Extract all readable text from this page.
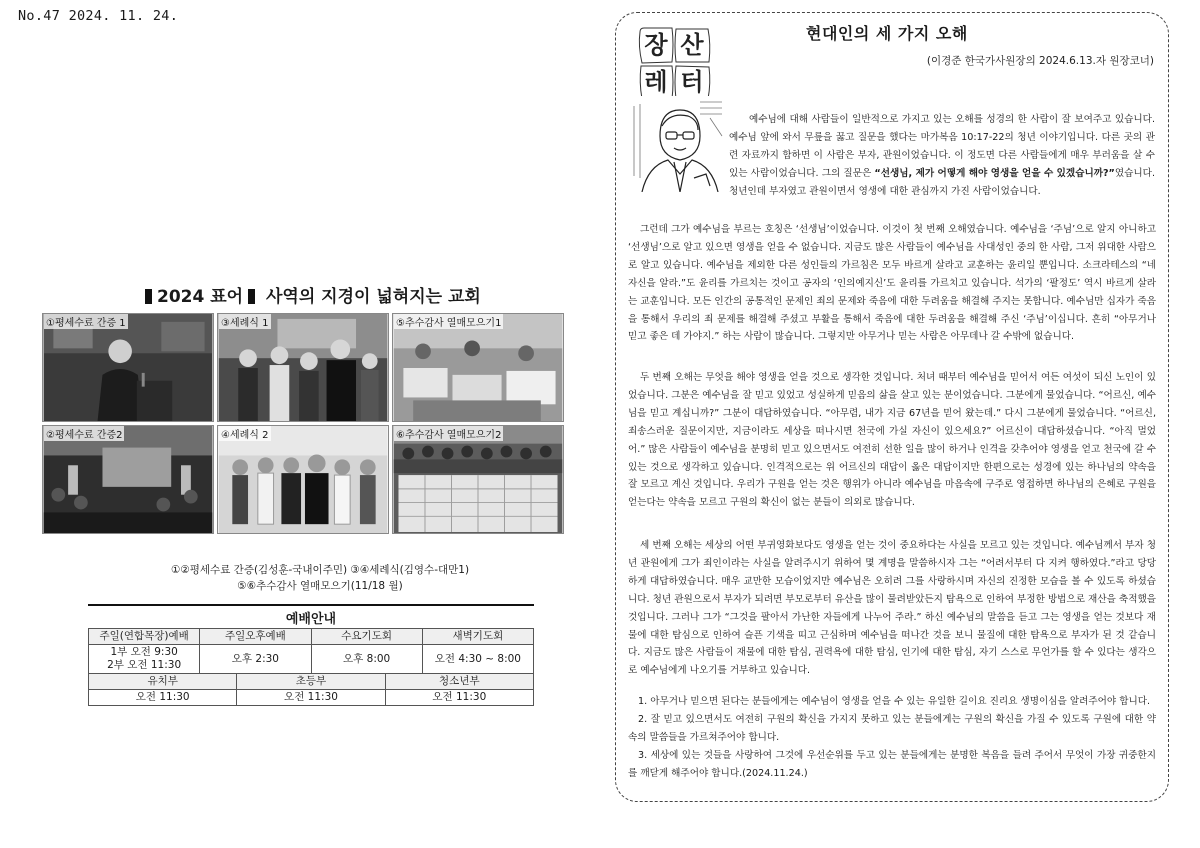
No.47 2024. 11. 24.
2024 표어 사역의 지경이 넓혀지는 교회
①평세수료 간증 1	③세례식 1	⑤추수감사 열매모으기1
②평세수료 간증2	④세례식 2	⑥추수감사 열매모으기2
①②평세수료 간증(김성훈-국내이주민) ③④세례식(김영수-대만1)
⑤⑥추수감사 열매모으기(11/18 월)
예배안내
주일(연합목장)예배	주일오후예배	수요기도회	새벽기도회

1부 오전 9:30
2부 오전 11:30	오후 2:30	오후 8:00	오전 4:30 ~ 8:00
유치부	초등부	청소년부
오전 11:30	오전 11:30	오전 11:30
장 산
레 터
현대인의 세 가지 오해
(이경준 한국가사원장의 2024.6.13.자 원장코너)

예수님에 대해 사람들이 일반적으로 가지고 있는 오해를 성경의 한 사람이 잘 보여주고 있습니다. 예수님 앞에 와서 무릎을 꿇고 질문을 했다는 마가복음 10:17-22의 청년 이야기입니다. 다른 곳의 관련 자료까지 합하면 이 사람은 부자, 관원이었습니다. 이 정도면 다른 사람들에게 매우 부러움을 살 수 있는 사람이었습니다. 그의 질문은 “선생님, 제가 어떻게 해야 영생을 얻을 수 있겠습니까?”였습니다. 청년인데 부자였고 관원이면서 영생에 대한 관심까지 가진 사람이었습니다.

그런데 그가 예수님을 부르는 호칭은 ‘선생님’이었습니다. 이것이 첫 번째 오해였습니다. 예수님을 ‘주님’으로 알지 아니하고 ‘선생님’으로 알고 있으면 영생을 얻을 수 없습니다. 지금도 많은 사람들이 예수님을 사대성인 중의 한 사람, 그저 위대한 사람으로 알고 있습니다. 예수님을 제외한 다른 성인들의 가르침은 모두 바르게 살라고 교훈하는 윤리일 뿐입니다. 소크라테스의 “네 자신을 알라.”도 윤리를 가르치는 것이고 공자의 ‘인의예지신’도 윤리를 가르치고 있습니다. 석가의 ‘팔정도’ 역시 바르게 살라는 교훈입니다. 모든 인간의 공통적인 문제인 죄의 문제와 죽음에 대한 두려움을 해결해 주지는 못합니다. 예수님만 십자가 죽음을 통해서 우리의 죄 문제를 해결해 주셨고 부활을 통해서 죽음에 대한 두려움을 해결해 주신 ‘주님’이십니다. 흔히 “아무거나 믿고 좋은 데 가야지.” 하는 사람이 많습니다. 그렇지만 아무거나 믿는 사람은 아무데나 갈 수밖에 없습니다.

두 번째 오해는 무엇을 해야 영생을 얻을 것으로 생각한 것입니다. 처녀 때부터 예수님을 믿어서 여든 여섯이 되신 노인이 있었습니다. 그분은 예수님을 잘 믿고 있었고 성실하게 믿음의 삶을 살고 있는 분이었습니다. 그분에게 물었습니다. “어르신, 예수님을 믿고 계십니까?” 그분이 대답하였습니다. “아무렴, 내가 지금 67년을 믿어 왔는데.” 다시 그분에게 물었습니다. “어르신, 죄송스러운 질문이지만, 지금이라도 세상을 떠나시면 천국에 가실 자신이 있으세요?” 어르신이 대답하셨습니다. “아직 멀었어.” 많은 사람들이 예수님을 분명히 믿고 있으면서도 여전히 선한 일을 많이 하거나 인격을 갖추어야 영생을 얻고 천국에 갈 수 있는 것으로 생각하고 있습니다. 인격적으로는 위 어르신의 대답이 옳은 대답이지만 한편으로는 성경에 있는 하나님의 약속을 잘 모르고 계신 것입니다. 우리가 구원을 얻는 것은 행위가 아니라 예수님을 마음속에 구주로 영접하면 하나님의 은혜로 구원을 얻는다는 약속을 모르고 구원의 확신이 없는 분들이 의외로 많습니다.

세 번째 오해는 세상의 어떤 부귀영화보다도 영생을 얻는 것이 중요하다는 사실을 모르고 있는 것입니다. 예수님께서 부자 청년 관원에게 그가 죄인이라는 사실을 알려주시기 위하여 몇 계명을 말씀하시자 그는 “어려서부터 다 지켜 행하였다.”라고 당당하게 대답하였습니다. 매우 교만한 모습이었지만 예수님은 오히려 그를 사랑하시며 자신의 진정한 모습을 볼 수 있도록 하셨습니다. 청년 관원으로서 부자가 되려면 부모로부터 유산을 많이 물려받았든지 탐욕으로 인하여 부정한 방법으로 재산을 축적했을 것입니다. 그러나 그가 “그것을 팔아서 가난한 자들에게 나누어 주라.” 하신 예수님의 말씀을 듣고 그는 영생을 얻는 것보다 재물에 대한 탐심으로 인하여 슬픈 기색을 띠고 근심하며 예수님을 떠나간 것을 보니 물질에 대한 탐욕으로 부자가 된 것 같습니다. 지금도 많은 사람들이 재물에 대한 탐심, 권력욕에 대한 탐심, 인기에 대한 탐심, 자기 스스로 무언가를 할 수 있다는 생각으로 예수님에게 나오기를 거부하고 있습니다.

1. 아무거나 믿으면 된다는 분들에게는 예수님이 영생을 얻을 수 있는 유일한 길이요 진리요 생명이심을 알려주어야 합니다.
2. 잘 믿고 있으면서도 여전히 구원의 확신을 가지지 못하고 있는 분들에게는 구원의 확신을 가질 수 있도록 구원에 대한 약속의 말씀들을 가르쳐주어야 합니다.
3. 세상에 있는 것들을 사랑하여 그것에 우선순위를 두고 있는 분들에게는 분명한 복음을 들려 주어서 무엇이 가장 귀중한지를 깨닫게 해주어야 합니다.(2024.11.24.)
